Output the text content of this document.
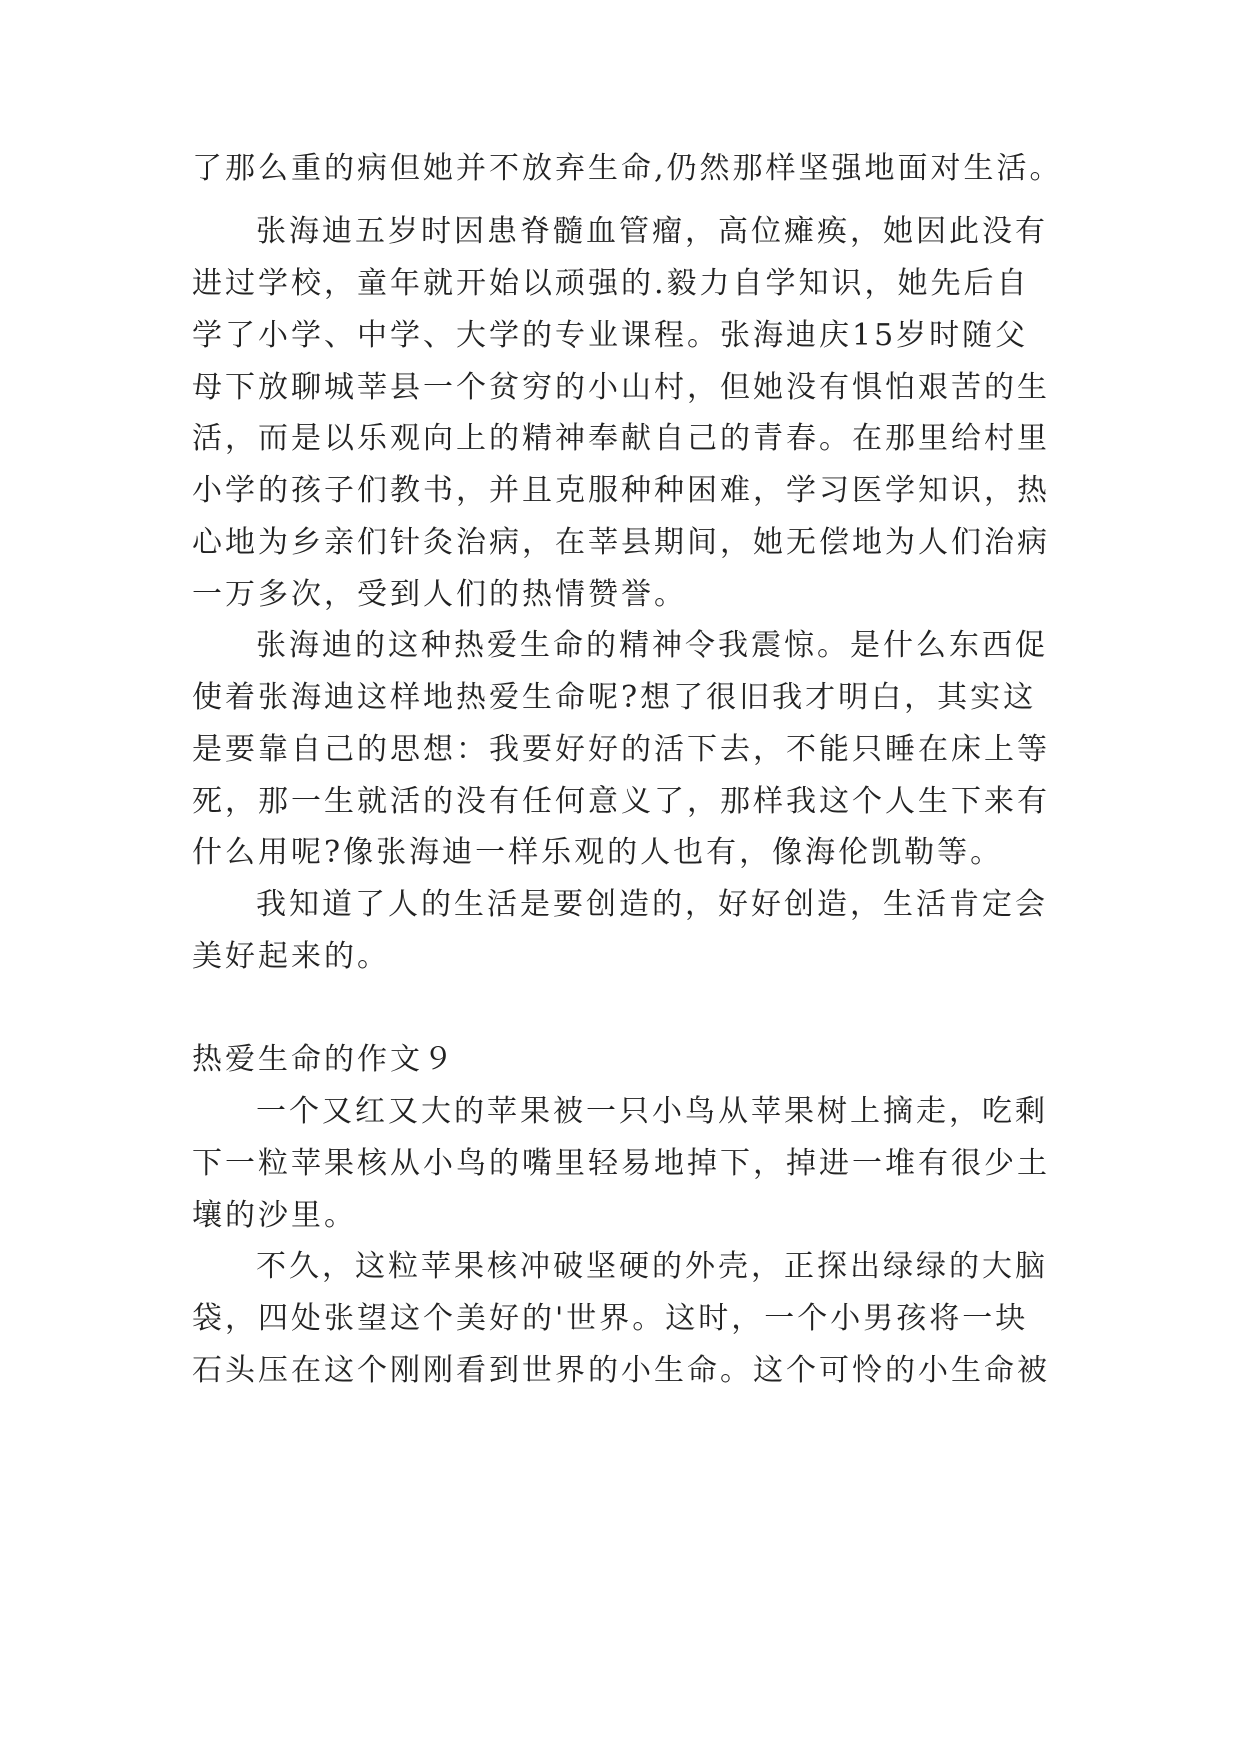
了那么重的病但她并不放弃生命,仍然那样坚强地面对生活。
张海迪五岁时因患脊髓血管瘤，高位瘫痪，她因此没有
进过学校，童年就开始以顽强的.毅力自学知识，她先后自
学了小学、中学、大学的专业课程。张海迪庆15岁时随父
母下放聊城莘县一个贫穷的小山村，但她没有惧怕艰苦的生
活，而是以乐观向上的精神奉献自己的青春。在那里给村里
小学的孩子们教书，并且克服种种困难，学习医学知识，热
心地为乡亲们针灸治病，在莘县期间，她无偿地为人们治病
一万多次，受到人们的热情赞誉。
张海迪的这种热爱生命的精神令我震惊。是什么东西促
使着张海迪这样地热爱生命呢?想了很旧我才明白，其实这
是要靠自己的思想：我要好好的活下去，不能只睡在床上等
死，那一生就活的没有任何意义了，那样我这个人生下来有
什么用呢?像张海迪一样乐观的人也有，像海伦凯勒等。
我知道了人的生活是要创造的，好好创造，生活肯定会
美好起来的。
热爱生命的作文９
一个又红又大的苹果被一只小鸟从苹果树上摘走，吃剩
下一粒苹果核从小鸟的嘴里轻易地掉下，掉进一堆有很少土
壤的沙里。
不久，这粒苹果核冲破坚硬的外壳，正探出绿绿的大脑
袋，四处张望这个美好的'世界。这时，一个小男孩将一块
石头压在这个刚刚看到世界的小生命。这个可怜的小生命被
